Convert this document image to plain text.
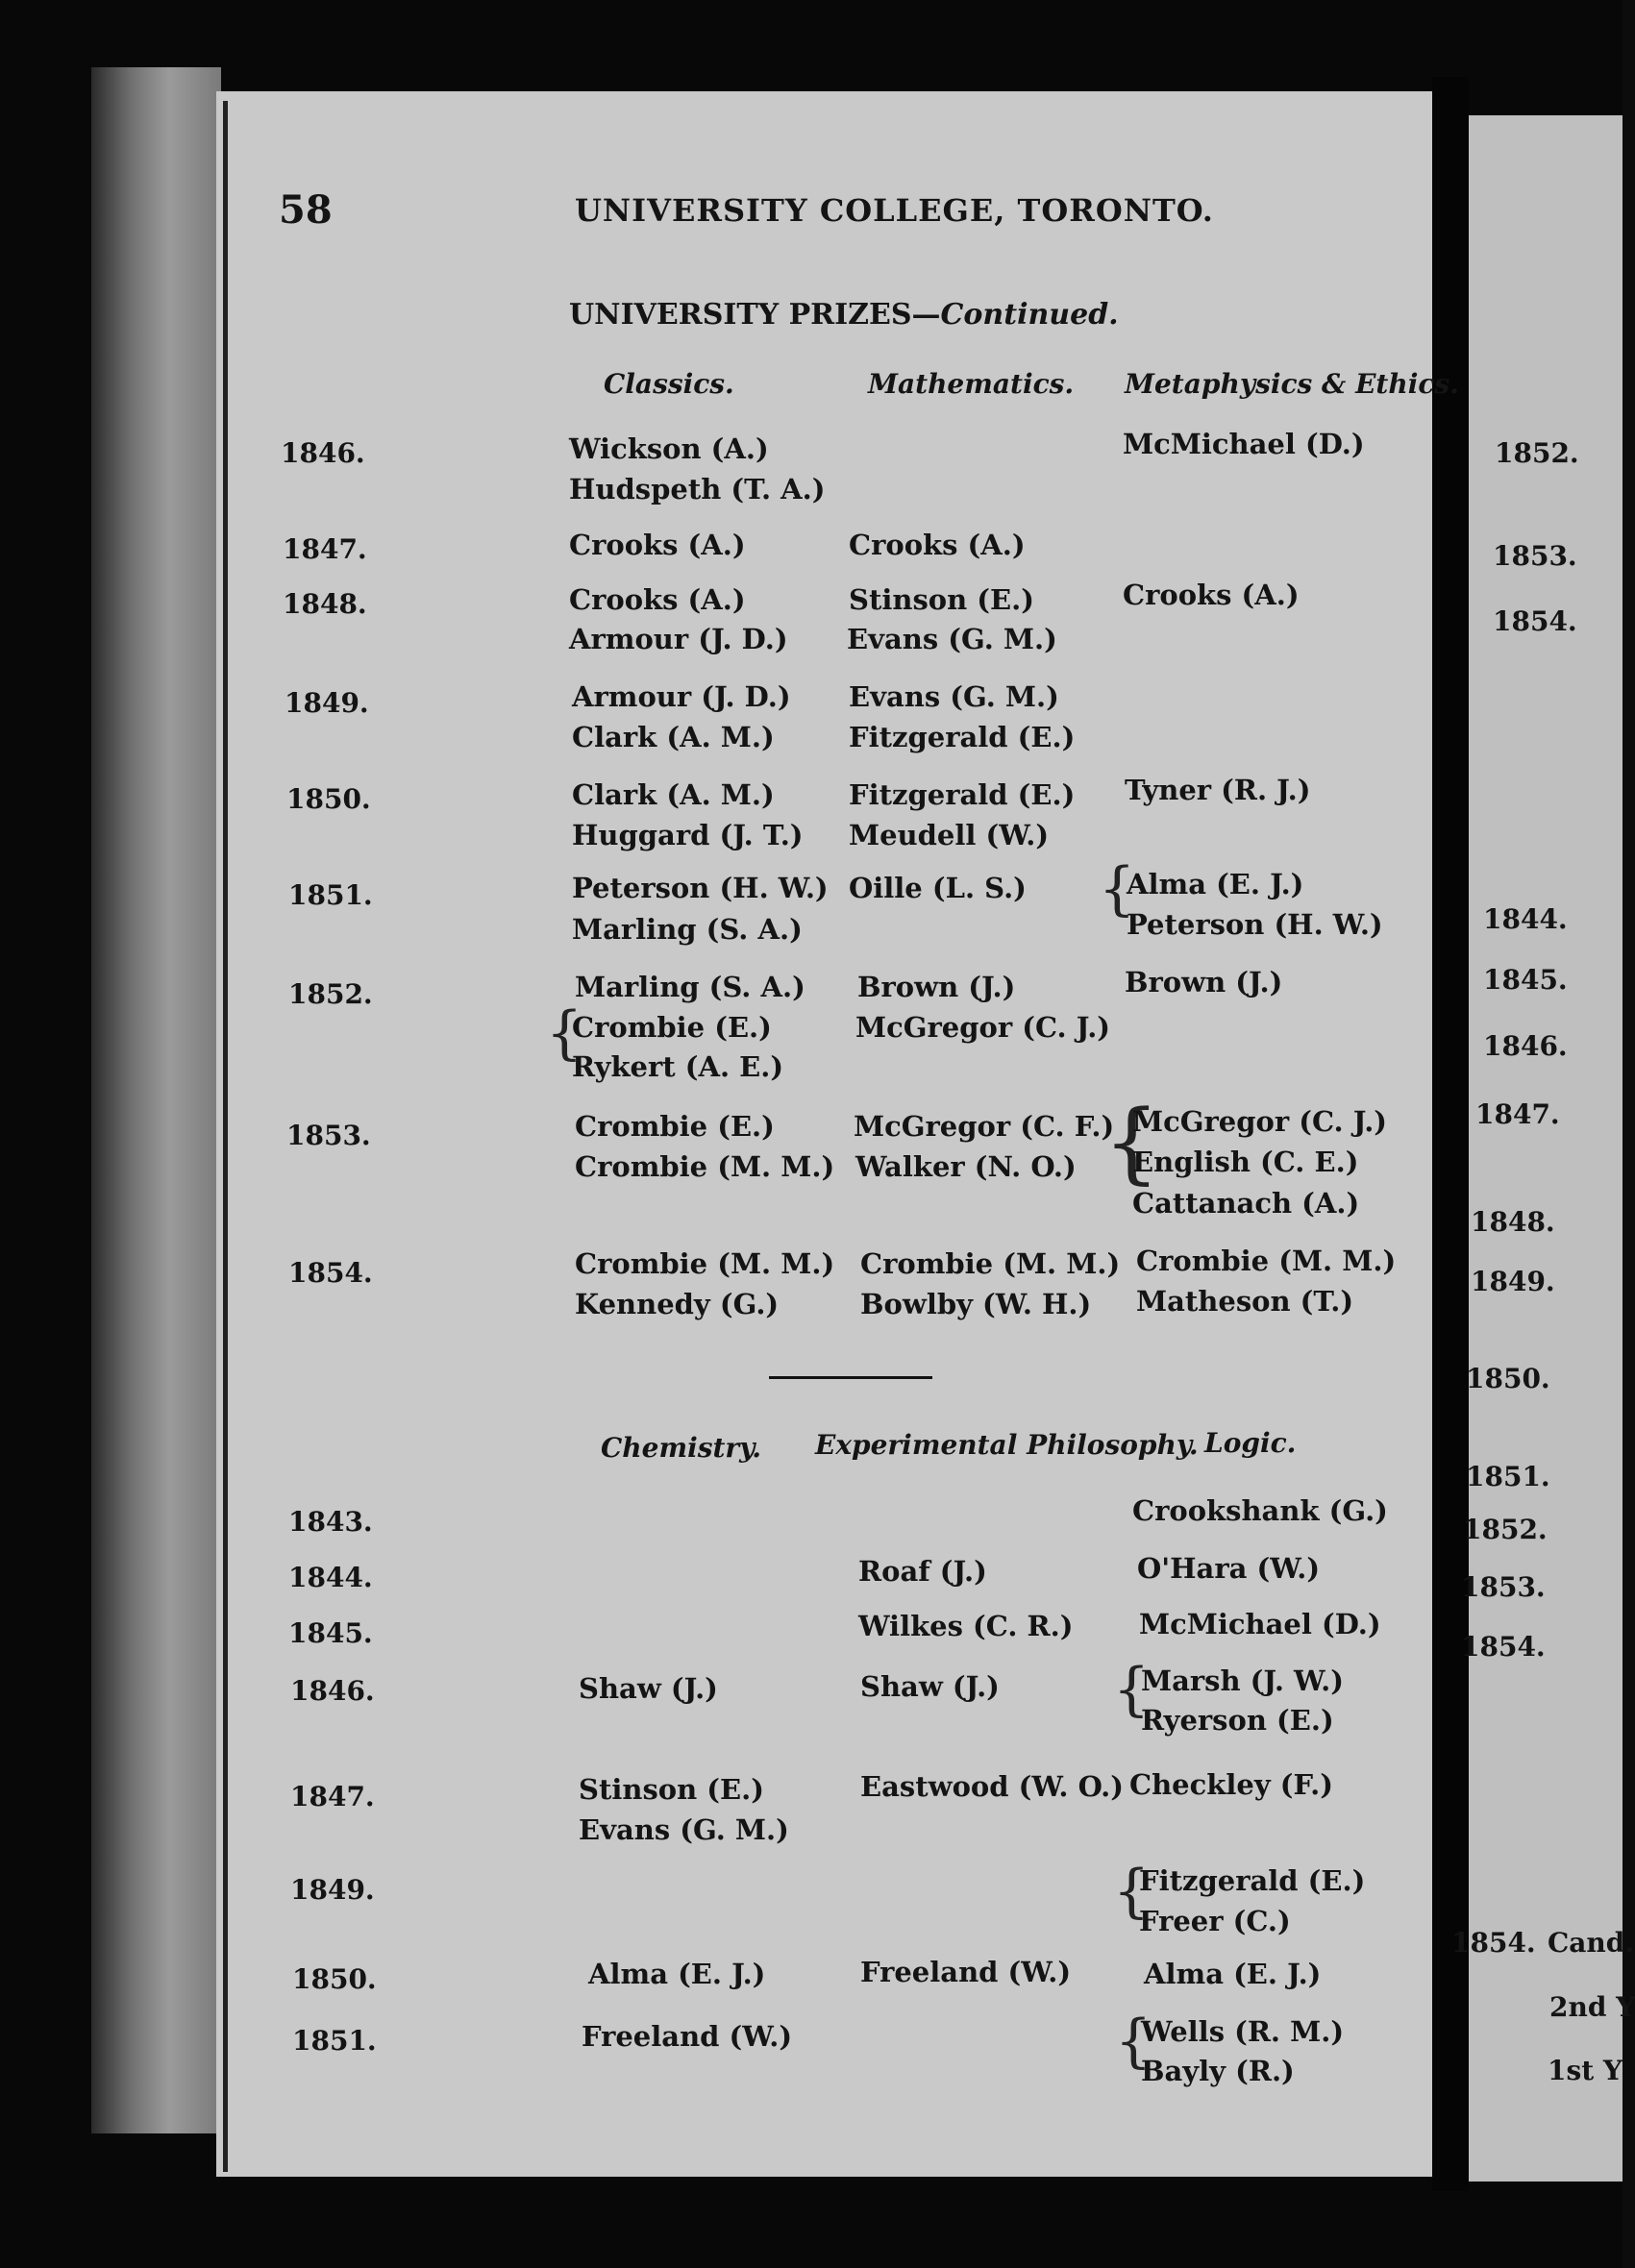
58	UNIVERSITY COLLEGE, TORONTO.
UNIVERSITY PRIZES—Continued.
Classics.	Mathematics. Metaphysics & Ethics.
1846.
1847.
1848.
1849.
1850.
1851.
1852.
1853.
1854.
Wickson (A.)
Hudspeth (T. A.)
Crooks (A.)
Crooks (A.)
Armour (J. D.)
Armour (J. D.)
Clark (A. M.)
Clark (A. M.)
Huggard (J. T.)
Peterson (H. W.)
Marling (S. A.)
Marling (S. A.)
{
Crombie (E.)
Rykert (A. E.)
Crombie (E.)
Crombie (M. M.)
Crombie (M. M.)
Kennedy (G.)
Crooks (A.)
Stinson (E.)
Evans (G. M.)
Evans (G. M.)
Fitzgerald (E.)
Fitzgerald (E.)
Meudell (W.)
Oille (L. S.)
Brown (J.)
McGregor (C. J.)
McGregor (C. F.)
Walker (N. O.)
Crombie (M. M.)
Bowlby (W. H.)
McMichael (D.)
Crooks (A.)
Tyner (R. J.)
{
Alma (E. J.)
Peterson (H. W.)
Brown (J.)
{
McGregor (C. J.)
English (C. E.)
Cattanach (A.)
Crombie (M. M.)
Matheson (T.)
Chemistry. Experimental Philosophy. Logic.
1843.
1844.
1845.
1846.
1847.
1849.
1850.
1851.
Shaw (J.)
Stinson (E.)
Evans (G. M.)
Alma (E. J.)
Freeland (W.)
Roaf (J.)
Wilkes (C. R.)
Shaw (J.)
Eastwood (W. O.)
Freeland (W.)
Crookshank (G.)
O'Hara (W.)
McMichael (D.)
{
Marsh (J. W.)
Ryerson (E.)
Checkley (F.)
{
Fitzgerald (E.)
Freer (C.)
Alma (E. J.)
{
Wells (R. M.)
Bayly (R.)
1852.
1853.
1854.
1844.
1845.
1846.
1847.
1848.
1849.
1850.
1851.
1852.
1853.
1854.
1854. Cand.
2nd Y
1st Y
